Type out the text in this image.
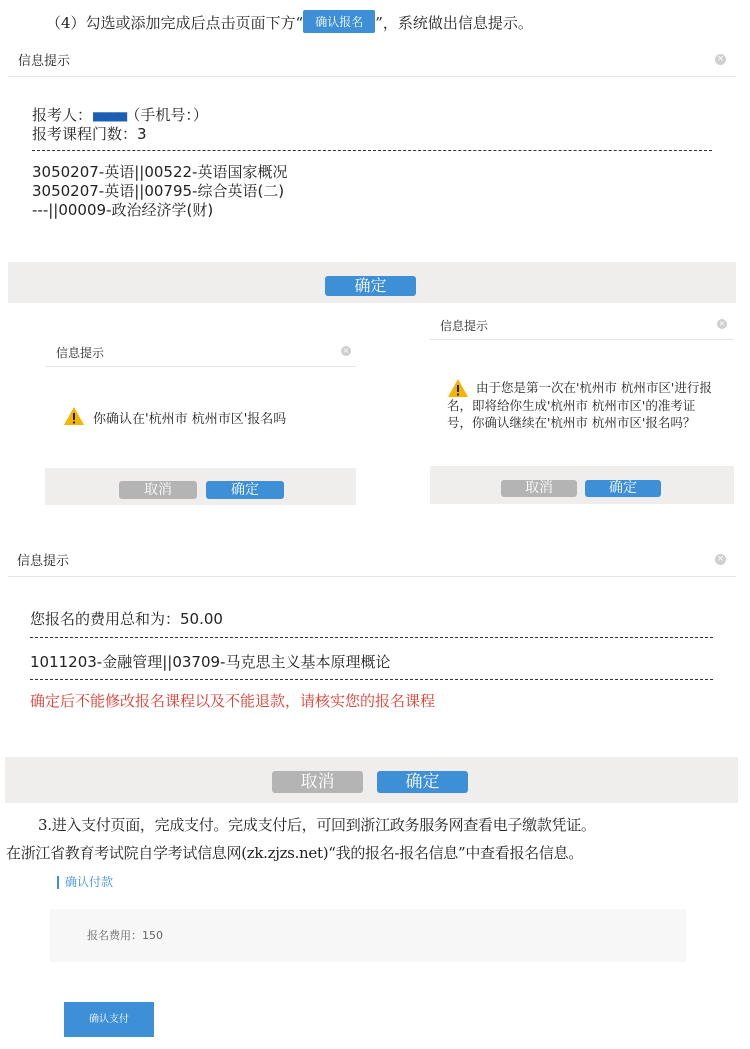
（4）勾选或添加完成后点击页面下方“ 确认报名 ”，系统做出信息提示。
信息提示	×
报考人：■■■■（手机号：）
报考课程门数：3
3050207-英语||00522-英语国家概况
3050207-英语||00795-综合英语(二)
---||00009-政治经济学(财)
确定
信息提示	×
你确认在'杭州市 杭州市区'报名吗
取消	确定
信息提示	×
由于您是第一次在'杭州市 杭州市区'进行报
名，即将给你生成'杭州市 杭州市区'的准考证
号，你确认继续在'杭州市 杭州市区'报名吗？
取消	确定
信息提示	×
您报名的费用总和为：50.00
1011203-金融管理||03709-马克思主义基本原理概论
确定后不能修改报名课程以及不能退款，请核实您的报名课程
取消	确定
3.进入支付页面，完成支付。完成支付后，可回到浙江政务服务网查看电子缴款凭证。
在浙江省教育考试院自学考试信息网(zk.zjzs.net)“我的报名-报名信息”中查看报名信息。
确认付款
报名费用：150
确认支付
